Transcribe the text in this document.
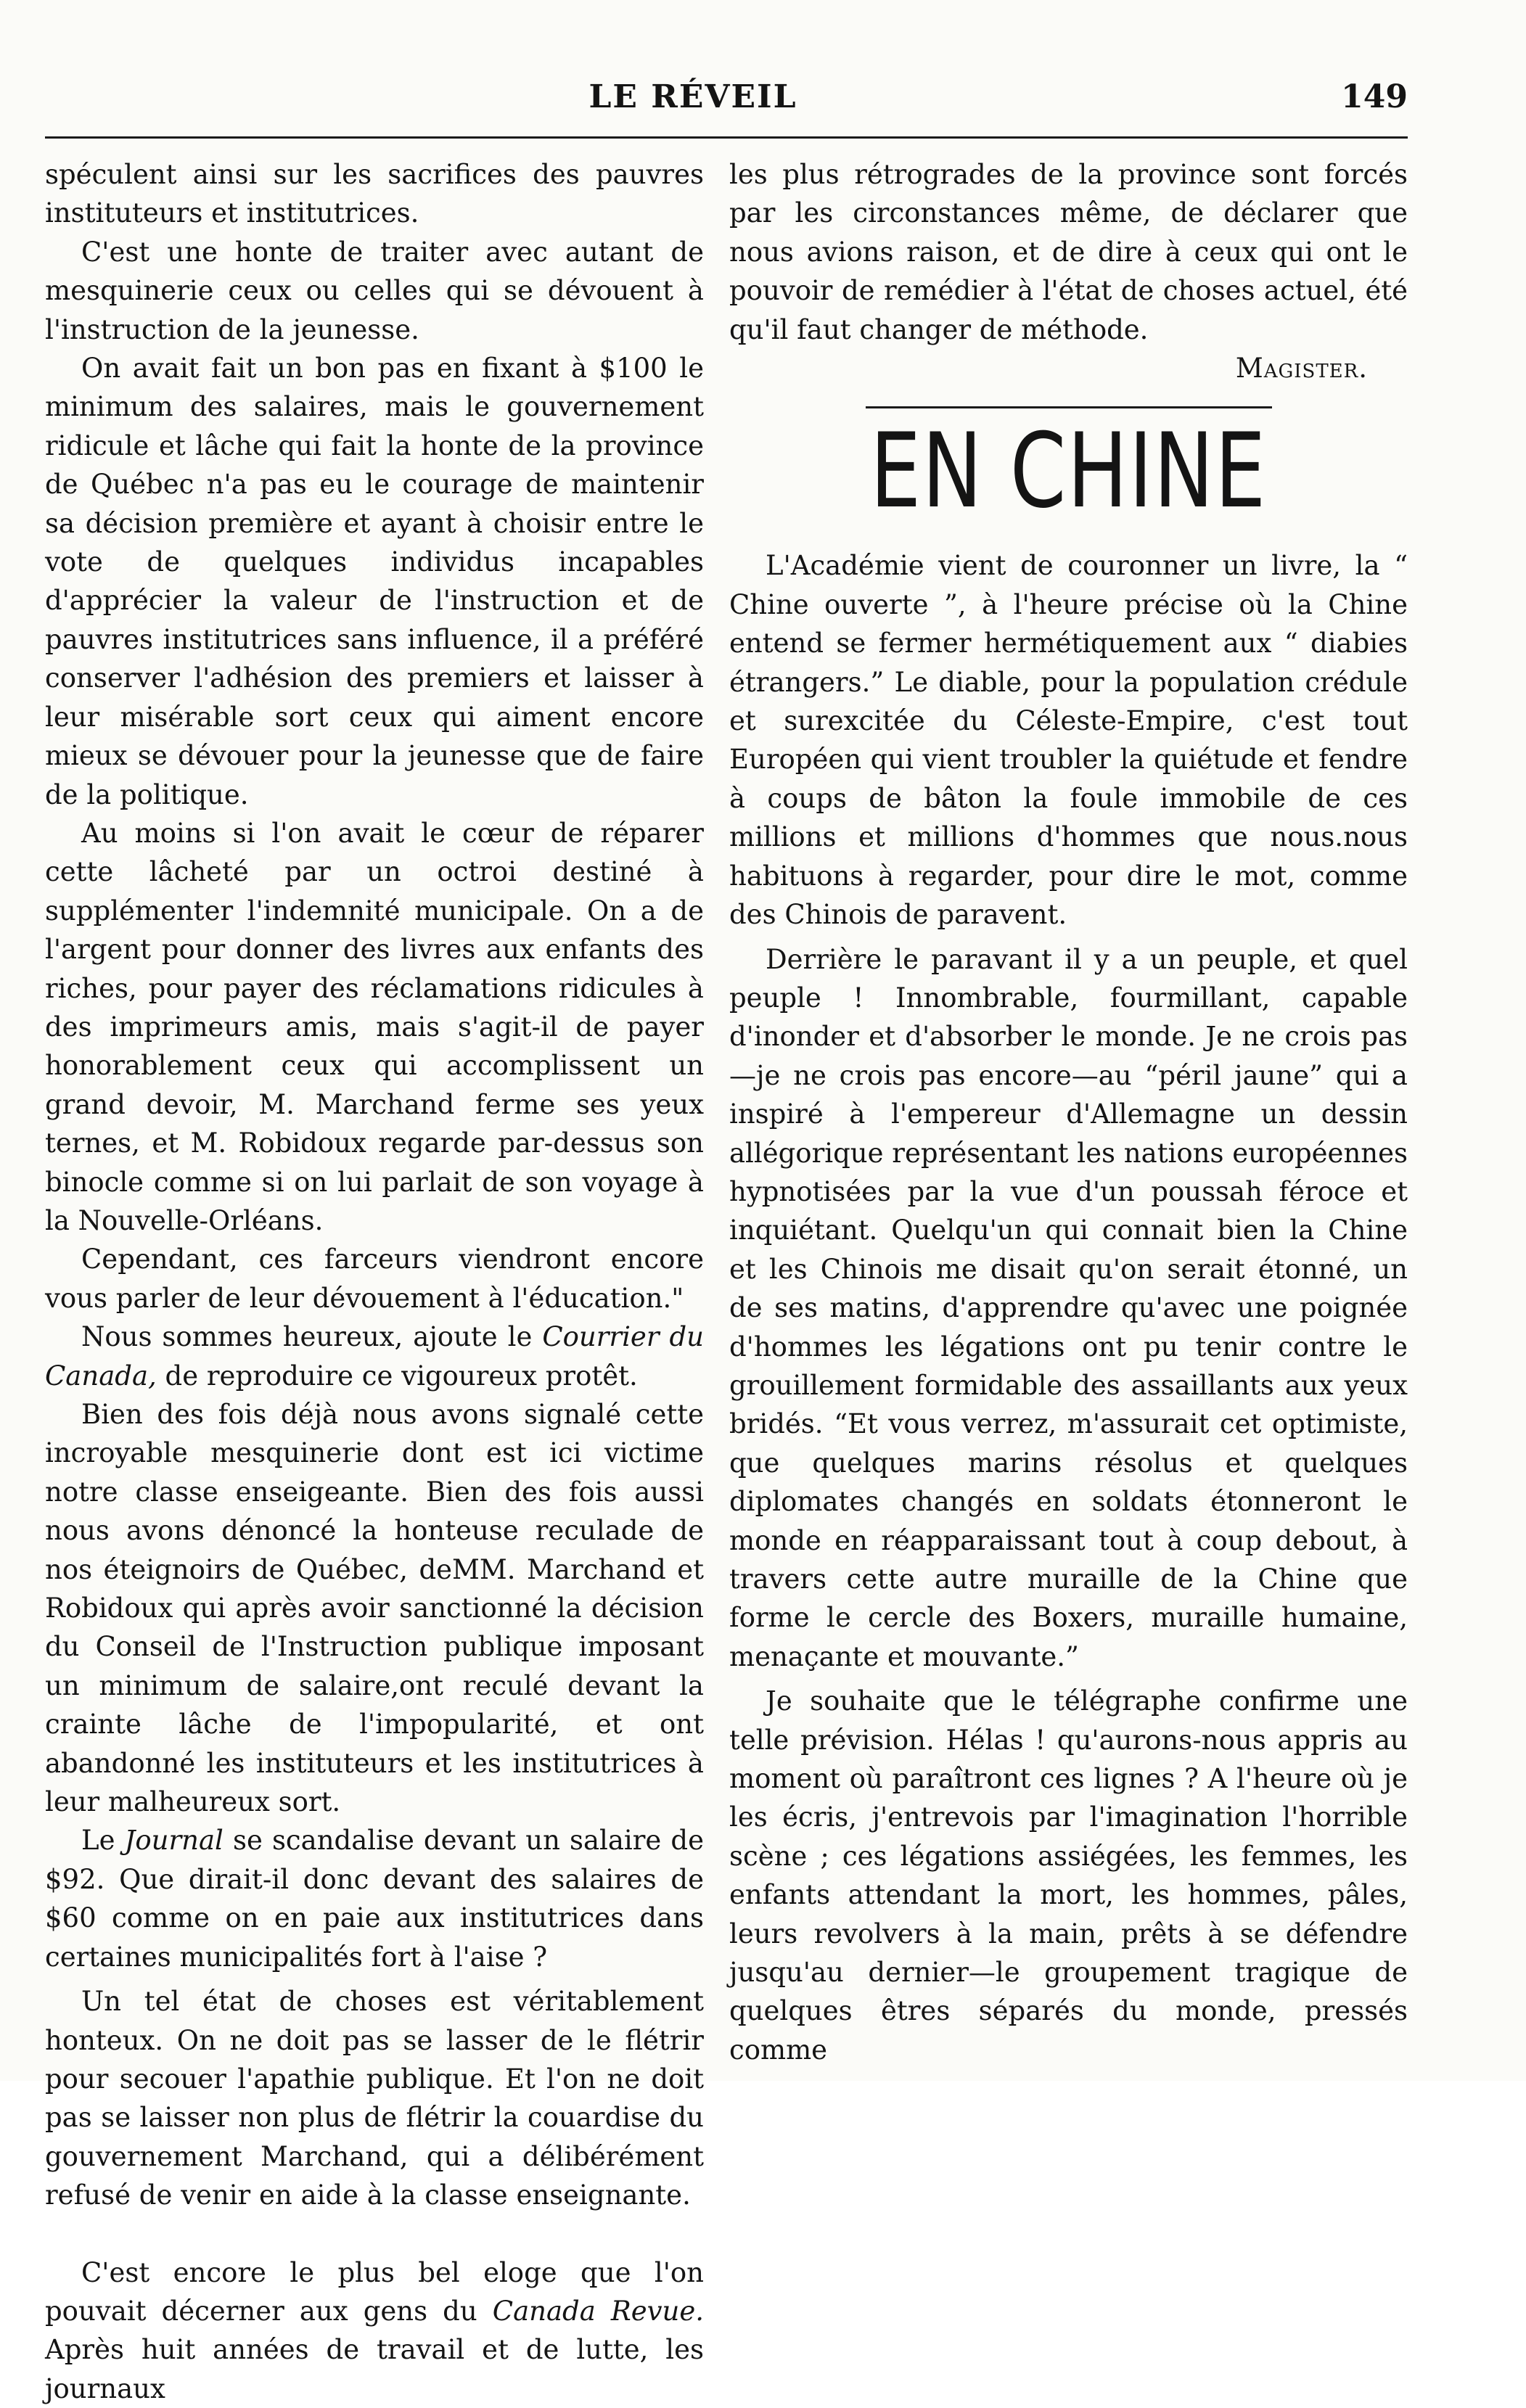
LE RÉVEIL	149

spéculent ainsi sur les sacrifices des pauvres instituteurs et institutrices.

C'est une honte de traiter avec autant de mesquinerie ceux ou celles qui se dévouent à l'instruction de la jeunesse.

On avait fait un bon pas en fixant à $100 le minimum des salaires, mais le gouvernement ridicule et lâche qui fait la honte de la province de Québec n'a pas eu le courage de maintenir sa décision première et ayant à choisir entre le vote de quelques individus incapables d'apprécier la valeur de l'instruction et de pauvres institutrices sans influence, il a préféré conserver l'adhésion des premiers et laisser à leur misérable sort ceux qui aiment encore mieux se dévouer pour la jeunesse que de faire de la politique.

Au moins si l'on avait le cœur de réparer cette lâcheté par un octroi destiné à supplémenter l'indemnité municipale. On a de l'argent pour donner des livres aux enfants des riches, pour payer des réclamations ridicules à des imprimeurs amis, mais s'agit-il de payer honorablement ceux qui accomplissent un grand devoir, M. Marchand ferme ses yeux ternes, et M. Robidoux regarde par-dessus son binocle comme si on lui parlait de son voyage à la Nouvelle-Orléans.

Cependant, ces farceurs viendront encore vous parler de leur dévouement à l'éducation."

Nous sommes heureux, ajoute le Courrier du Canada, de reproduire ce vigoureux protêt.

Bien des fois déjà nous avons signalé cette incroyable mesquinerie dont est ici victime notre classe enseigeante. Bien des fois aussi nous avons dénoncé la honteuse reculade de nos éteignoirs de Québec, deMM. Marchand et Robidoux qui après avoir sanctionné la décision du Conseil de l'Instruction publique imposant un minimum de salaire,ont reculé devant la crainte lâche de l'impopularité, et ont abandonné les instituteurs et les institutrices à leur malheureux sort.

Le Journal se scandalise devant un salaire de $92. Que dirait-il donc devant des salaires de $60 comme on en paie aux institutrices dans certaines municipalités fort à l'aise ?

Un tel état de choses est véritablement honteux. On ne doit pas se lasser de le flétrir pour secouer l'apathie publique. Et l'on ne doit pas se laisser non plus de flétrir la couardise du gouvernement Marchand, qui a délibérément refusé de venir en aide à la classe enseignante.

C'est encore le plus bel eloge que l'on pouvait décerner aux gens du Canada Revue. Après huit années de travail et de lutte, les journaux

les plus rétrogrades de la province sont forcés par les circonstances même, de déclarer que nous avions raison, et de dire à ceux qui ont le pouvoir de remédier à l'état de choses actuel, été qu'il faut changer de méthode.

Magister.

EN CHINE

L'Académie vient de couronner un livre, la “ Chine ouverte ”, à l'heure précise où la Chine entend se fermer hermétiquement aux “ diabies étrangers.” Le diable, pour la population crédule et surexcitée du Céleste-Empire, c'est tout Européen qui vient troubler la quiétude et fendre à coups de bâton la foule immobile de ces millions et millions d'hommes que nous.nous habituons à regarder, pour dire le mot, comme des Chinois de paravent.

Derrière le paravant il y a un peuple, et quel peuple ! Innombrable, fourmillant, capable d'inonder et d'absorber le monde. Je ne crois pas—je ne crois pas encore—au “péril jaune” qui a inspiré à l'empereur d'Allemagne un dessin allégorique représentant les nations européennes hypnotisées par la vue d'un poussah féroce et inquiétant. Quelqu'un qui connait bien la Chine et les Chinois me disait qu'on serait étonné, un de ses matins, d'apprendre qu'avec une poignée d'hommes les légations ont pu tenir contre le grouillement formidable des assaillants aux yeux bridés. “Et vous verrez, m'assurait cet optimiste, que quelques marins résolus et quelques diplomates changés en soldats étonneront le monde en réapparaissant tout à coup debout, à travers cette autre muraille de la Chine que forme le cercle des Boxers, muraille humaine, menaçante et mouvante.”

Je souhaite que le télégraphe confirme une telle prévision. Hélas ! qu'aurons-nous appris au moment où paraîtront ces lignes ? A l'heure où je les écris, j'entrevois par l'imagination l'horrible scène ; ces légations assiégées, les femmes, les enfants attendant la mort, les hommes, pâles, leurs revolvers à la main, prêts à se défendre jusqu'au dernier—le groupement tragique de quelques êtres séparés du monde, pressés comme
